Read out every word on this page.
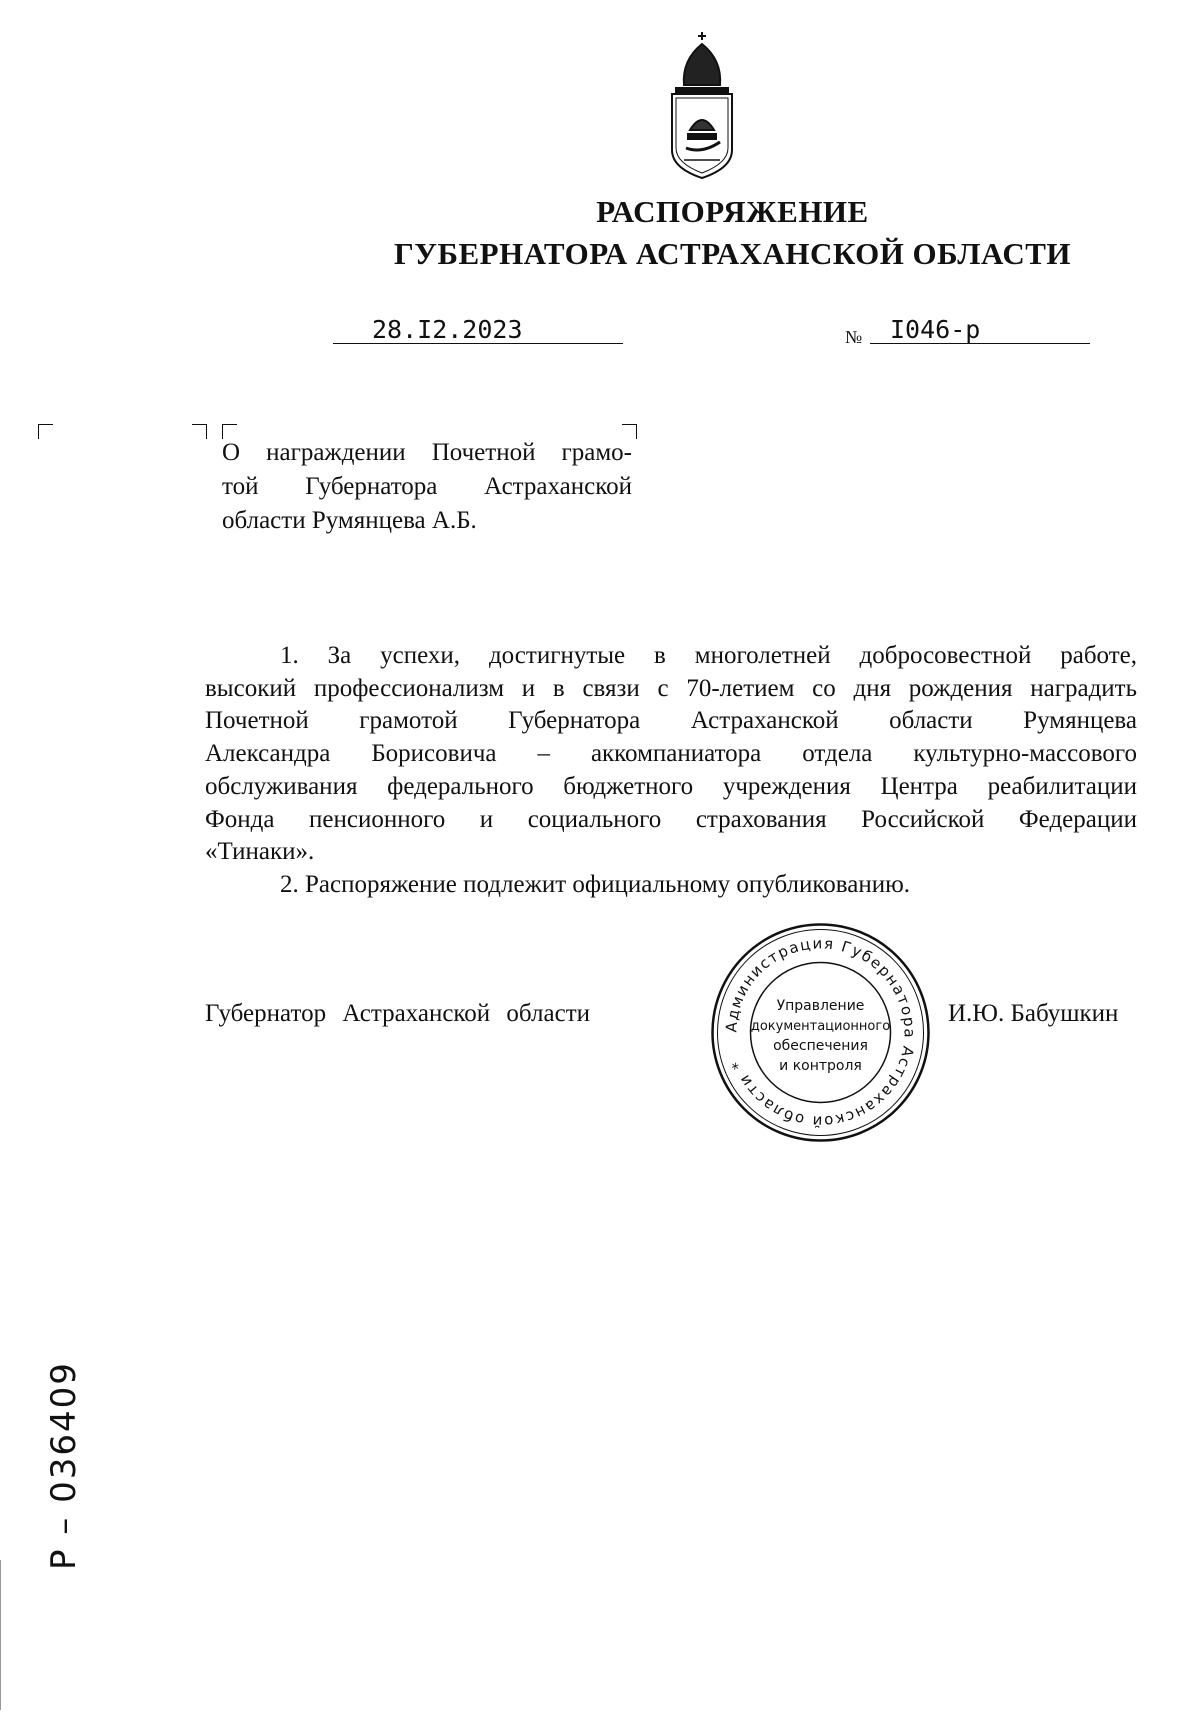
РАСПОРЯЖЕНИЕ
ГУБЕРНАТОРА АСТРАХАНСКОЙ ОБЛАСТИ
28.I2.2023	№ I046-р
О награждении Почетной грамо-
той Губернатора Астраханской
области Румянцева А.Б.

1. За успехи, достигнутые в многолетней добросовестной работе,
высокий профессионализм и в связи с 70-летием со дня рождения наградить
Почетной грамотой Губернатора Астраханской области Румянцева
Александра Борисовича – аккомпаниатора отдела культурно-массового
обслуживания федерального бюджетного учреждения Центра реабилитации
Фонда пенсионного и социального страхования Российской Федерации
«Тинаки».

2. Распоряжение подлежит официальному опубликованию.

Губернатор Астраханской области	И.Ю. Бабушкин
Администрация Губернатора Астраханской области *
Управление
документационного
обеспечения
и контроля
Р – 036409
